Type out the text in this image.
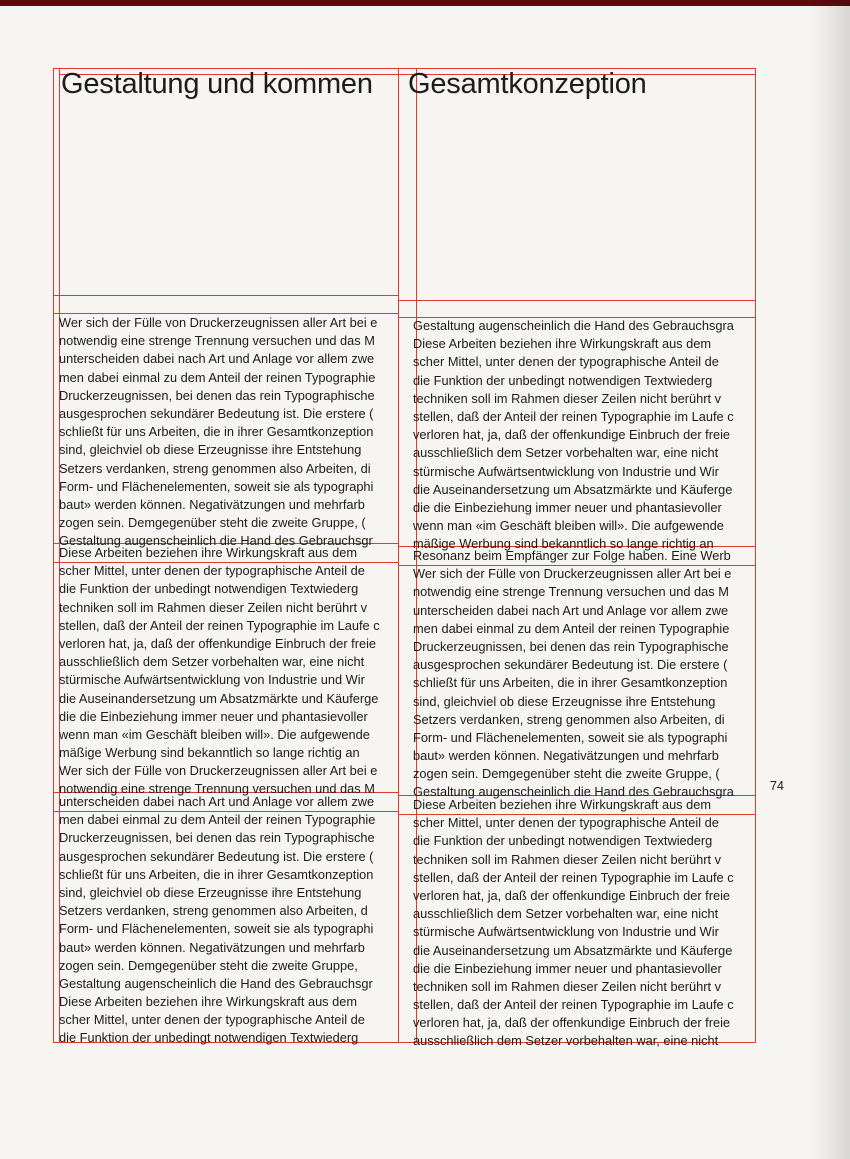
Gestaltung und kommen	Gesamtkonzeption
Wer sich der Fülle von Druckerzeugnissen aller Art bei e
notwendig eine strenge Trennung versuchen und das M
unterscheiden dabei nach Art und Anlage vor allem zwe
men dabei einmal zu dem Anteil der reinen Typographie
Druckerzeugnissen, bei denen das rein Typographische
ausgesprochen sekundärer Bedeutung ist. Die erstere (
schließt für uns Arbeiten, die in ihrer Gesamtkonzeption
sind, gleichviel ob diese Erzeugnisse ihre Entstehung
Setzers verdanken, streng genommen also Arbeiten, di
Form- und Flächenelementen, soweit sie als typographi
baut» werden können. Negativätzungen und mehrfarb
zogen sein. Demgegenüber steht die zweite Gruppe, (
Gestaltung augenscheinlich die Hand des Gebrauchsgr
Diese Arbeiten beziehen ihre Wirkungskraft aus dem
scher Mittel, unter denen der typographische Anteil de
die Funktion der unbedingt notwendigen Textwiederg
techniken soll im Rahmen dieser Zeilen nicht berührt v
stellen, daß der Anteil der reinen Typographie im Laufe c
verloren hat, ja, daß der offenkundige Einbruch der freie
ausschließlich dem Setzer vorbehalten war, eine nicht
stürmische Aufwärtsentwicklung von Industrie und Wir
die Auseinandersetzung um Absatzmärkte und Käuferge
die die Einbeziehung immer neuer und phantasievoller
wenn man «im Geschäft bleiben will». Die aufgewende
mäßige Werbung sind bekanntlich so lange richtig an
Wer sich der Fülle von Druckerzeugnissen aller Art bei e
notwendig eine strenge Trennung versuchen und das M
unterscheiden dabei nach Art und Anlage vor allem zwe
men dabei einmal zu dem Anteil der reinen Typographie
Druckerzeugnissen, bei denen das rein Typographische
ausgesprochen sekundärer Bedeutung ist. Die erstere (
schließt für uns Arbeiten, die in ihrer Gesamtkonzeption
sind, gleichviel ob diese Erzeugnisse ihre Entstehung
Setzers verdanken, streng genommen also Arbeiten, d
Form- und Flächenelementen, soweit sie als typographi
baut» werden können. Negativätzungen und mehrfarb
zogen sein. Demgegenüber steht die zweite Gruppe,
Gestaltung augenscheinlich die Hand des Gebrauchsgr
Diese Arbeiten beziehen ihre Wirkungskraft aus dem
scher Mittel, unter denen der typographische Anteil de
die Funktion der unbedingt notwendigen Textwiederg
Gestaltung augenscheinlich die Hand des Gebrauchsgra
Diese Arbeiten beziehen ihre Wirkungskraft aus dem
scher Mittel, unter denen der typographische Anteil de
die Funktion der unbedingt notwendigen Textwiederg
techniken soll im Rahmen dieser Zeilen nicht berührt v
stellen, daß der Anteil der reinen Typographie im Laufe c
verloren hat, ja, daß der offenkundige Einbruch der freie
ausschließlich dem Setzer vorbehalten war, eine nicht
stürmische Aufwärtsentwicklung von Industrie und Wir
die Auseinandersetzung um Absatzmärkte und Käuferge
die die Einbeziehung immer neuer und phantasievoller
wenn man «im Geschäft bleiben will». Die aufgewende
mäßige Werbung sind bekanntlich so lange richtig an
Resonanz beim Empfänger zur Folge haben. Eine Werb
Wer sich der Fülle von Druckerzeugnissen aller Art bei e
notwendig eine strenge Trennung versuchen und das M
unterscheiden dabei nach Art und Anlage vor allem zwe
men dabei einmal zu dem Anteil der reinen Typographie
Druckerzeugnissen, bei denen das rein Typographische
ausgesprochen sekundärer Bedeutung ist. Die erstere (
schließt für uns Arbeiten, die in ihrer Gesamtkonzeption
sind, gleichviel ob diese Erzeugnisse ihre Entstehung
Setzers verdanken, streng genommen also Arbeiten, di
Form- und Flächenelementen, soweit sie als typographi
baut» werden können. Negativätzungen und mehrfarb
zogen sein. Demgegenüber steht die zweite Gruppe, (
Gestaltung augenscheinlich die Hand des Gebrauchsgra
Diese Arbeiten beziehen ihre Wirkungskraft aus dem
scher Mittel, unter denen der typographische Anteil de
die Funktion der unbedingt notwendigen Textwiederg
techniken soll im Rahmen dieser Zeilen nicht berührt v
stellen, daß der Anteil der reinen Typographie im Laufe c
verloren hat, ja, daß der offenkundige Einbruch der freie
ausschließlich dem Setzer vorbehalten war, eine nicht
stürmische Aufwärtsentwicklung von Industrie und Wir
die Auseinandersetzung um Absatzmärkte und Käuferge
die die Einbeziehung immer neuer und phantasievoller
techniken soll im Rahmen dieser Zeilen nicht berührt v
stellen, daß der Anteil der reinen Typographie im Laufe c
verloren hat, ja, daß der offenkundige Einbruch der freie
ausschließlich dem Setzer vorbehalten war, eine nicht
74
